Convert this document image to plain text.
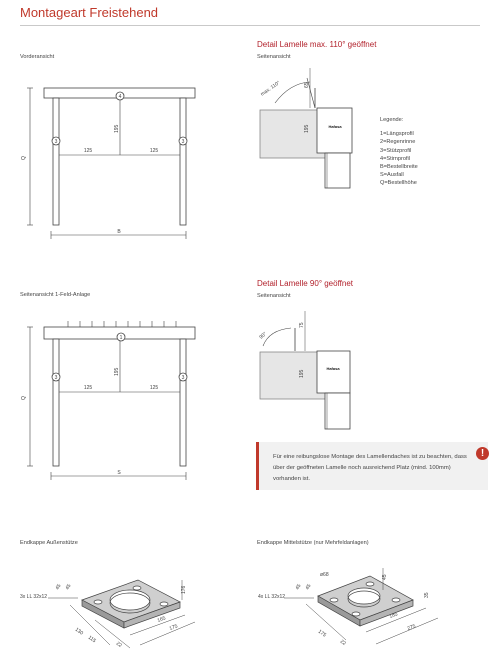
Montageart Freistehend
Vorderansicht
4
3	3
125	125
195
Q
B
Detail Lamelle max. 110° geöffnet
Seitenansicht
max. 110°	65
195	Hafasa
Legende:
1=Längsprofil
2=Regenrinne
3=Stützprofil
4=Stirnprofil
B=Bestellbreite
S=Ausfall
Q=Bestellhöhe
Seitenansicht 1-Feld-Anlage
1
3	3
125	125
195
Q
S
Detail Lamelle 90° geöffnet
Seitenansicht
90°
75
195
Hafasa
Für eine reibungslose Montage des Lamellendaches ist zu beachten, dass über der geöffneten Lamelle noch ausreichend Platz (mind. 100mm) vorhanden ist.
!
Endkappe Außenstütze
3x LL 32x12
45 45
130
115
22
165
175
176
Endkappe Mittelstütze (nur Mehrfeldanlagen)
4x LL 32x12
ø68
45 45
175
22
185
275
35
45
